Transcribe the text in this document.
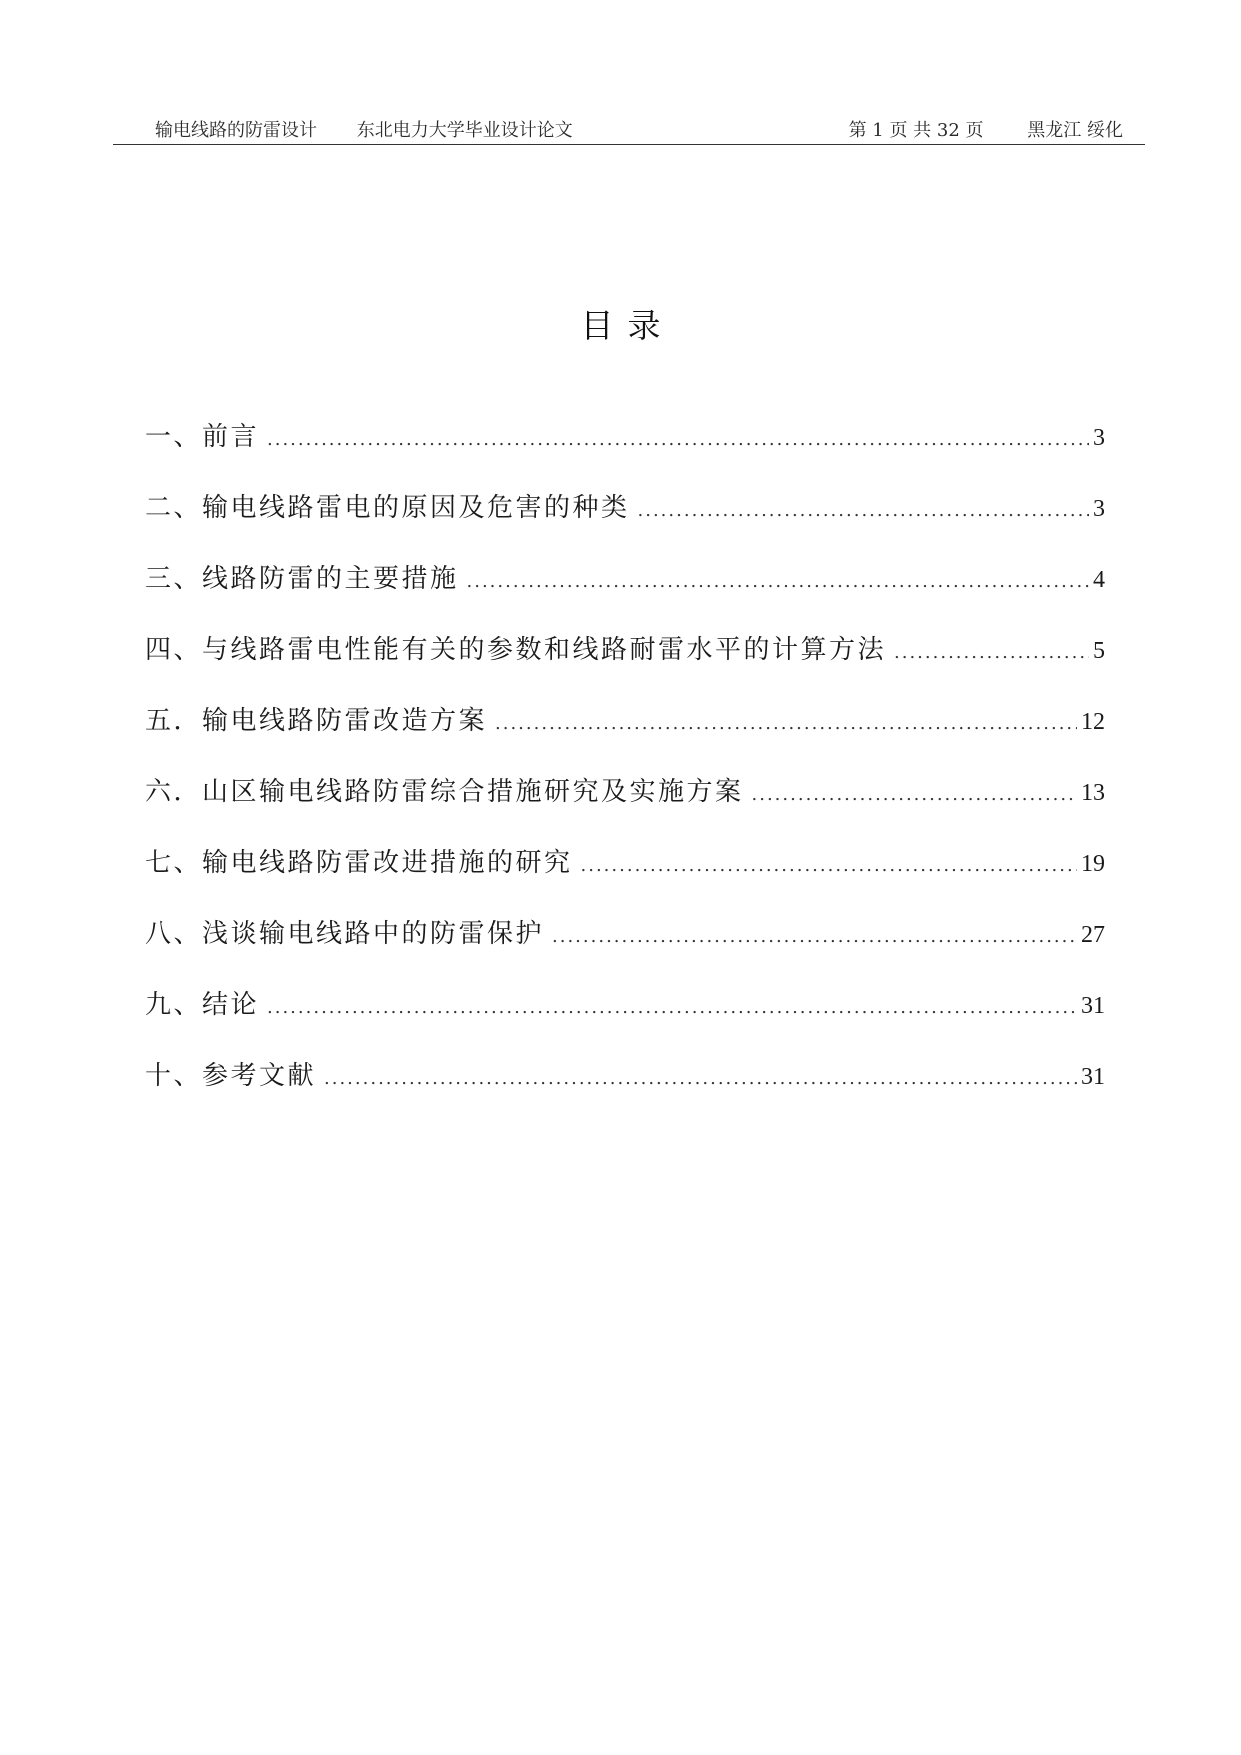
输电线路的防雷设计 东北电力大学毕业设计论文	第 1 页 共 32 页 黑龙江 绥化
目录
一、前言 .....	3
二、输电线路雷电的原因及危害的种类 .....	3
三、线路防雷的主要措施 .....	4
四、与线路雷电性能有关的参数和线路耐雷水平的计算方法 .....	5
五．输电线路防雷改造方案 .....	12
六．山区输电线路防雷综合措施研究及实施方案 .....	13
七、输电线路防雷改进措施的研究 .....	19
八、浅谈输电线路中的防雷保护 .....	27
九、结论 .....	31
十、参考文献 .....	31
